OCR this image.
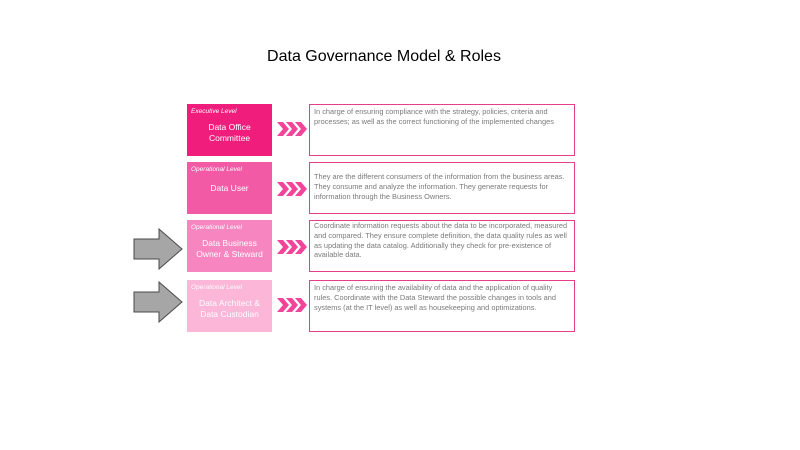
Data Governance Model & Roles
Executive Level
Data Office Committee
In charge of ensuring compliance with the strategy, policies, criteria and processes; as well as the correct functioning of the implemented changes
Operational Level
Data User
They are the different consumers of the information from the business areas. They consume and analyze the information. They generate requests for information through the Business Owners.
Operational Level
Data Business Owner & Steward
Coordinate information requests about the data to be incorporated, measured and compared. They ensure complete definition, the data quality rules as well as updating the data catalog. Additionally they check for pre-existence of available data.
Operational Level
Data Architect & Data Custodian
In charge of ensuring the availability of data and the application of quality rules. Coordinate with the Data Steward the possible changes in tools and systems (at the IT level) as well as housekeeping and optimizations.
